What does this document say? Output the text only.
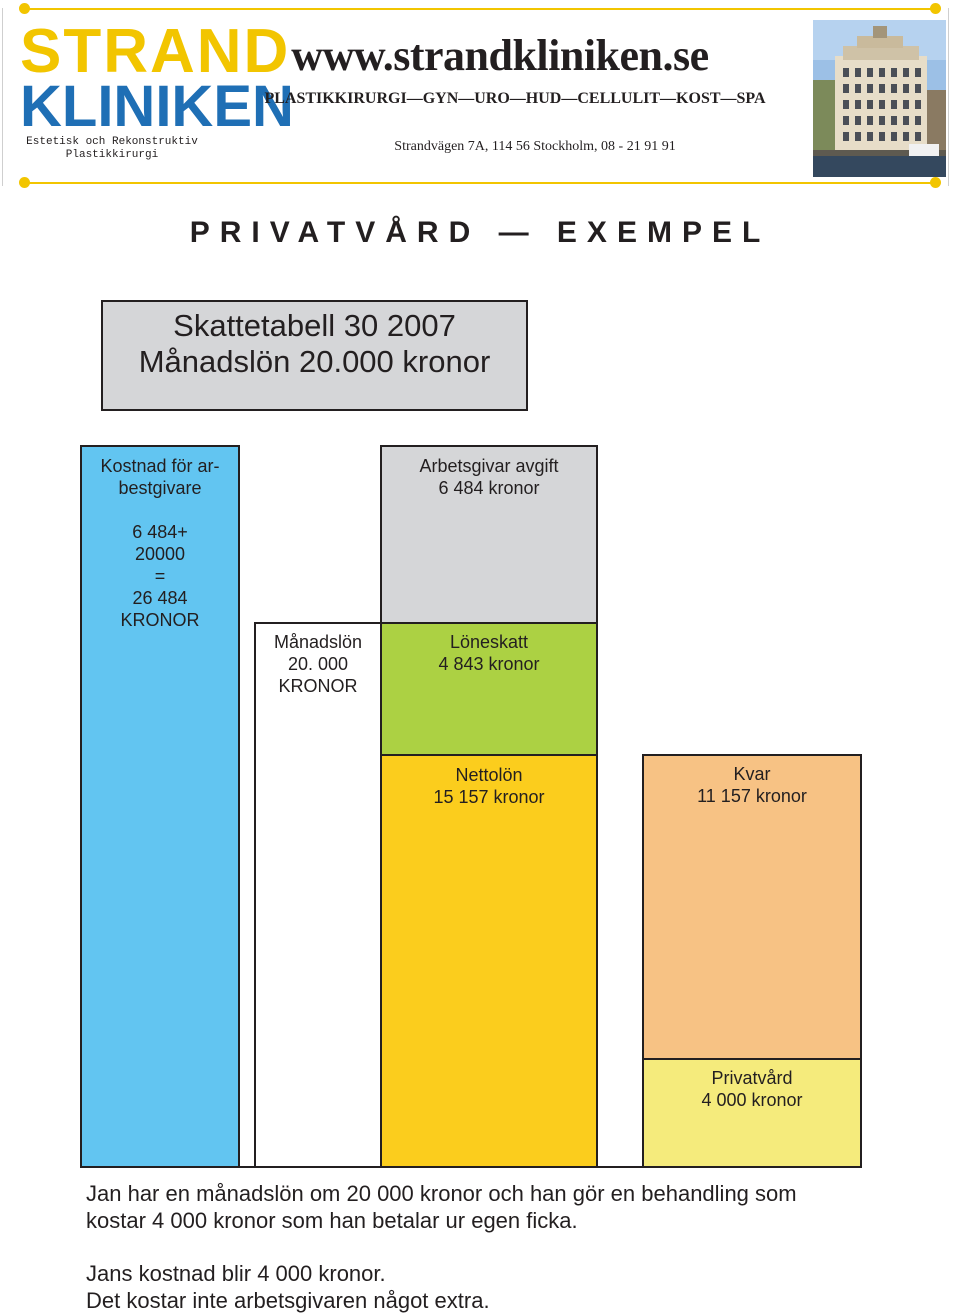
STRAND
KLINIKEN
Estetisk och Rekonstruktiv
Plastikkirurgi
www.strandkliniken.se
PLASTIKKIRURGI—GYN—URO—HUD—CELLULIT—KOST—SPA
Strandvägen 7A, 114 56 Stockholm, 08 - 21 91 91
PRIVATVÅRD — EXEMPEL
Skattetabell 30 2007
Månadslön 20.000 kronor
Kostnad för ar-
bestgivare
6 484+
20000
=
26 484
KRONOR
Månadslön
20. 000
KRONOR
Arbetsgivar avgift
6 484 kronor
Löneskatt
4 843 kronor
Nettolön
15 157 kronor
Kvar
11 157 kronor
Privatvård
4 000 kronor
Jan har en månadslön om 20 000 kronor och han gör en behandling som
kostar 4 000 kronor som han betalar ur egen ficka.
Jans kostnad blir 4 000 kronor.
Det kostar inte arbetsgivaren något extra.
